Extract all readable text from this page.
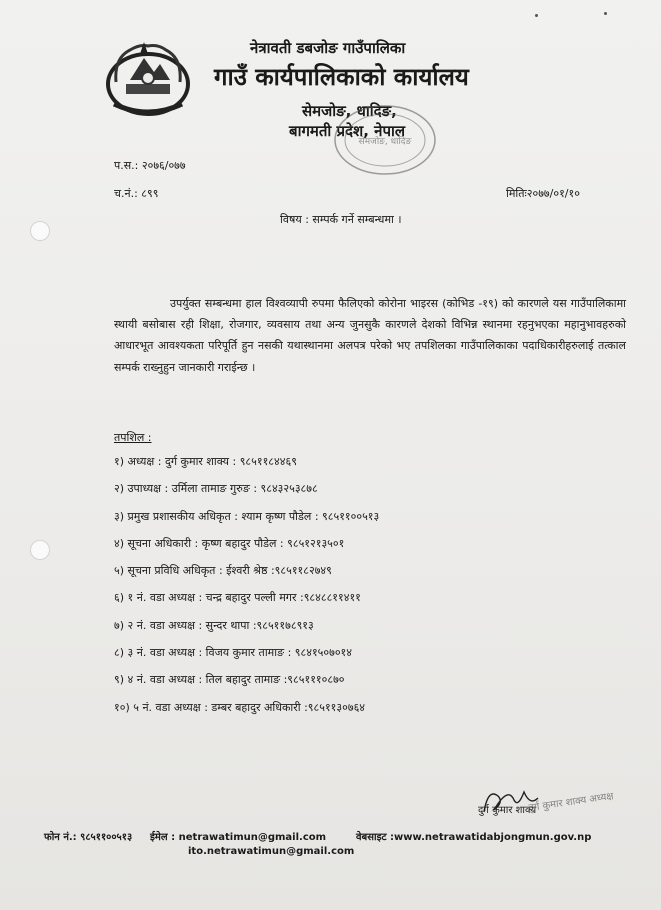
नेत्रावती डबजोङ गाउँपालिका
गाउँ कार्यपालिकाको कार्यालय
सेमजोङ, धादिङ,
बागमती प्रदेश, नेपाल
सेमजोङ, धादिङ
प.स.: २०७६/०७७
च.नं.: ८९९	मितिः२०७७/०१/१०
विषय : सम्पर्क गर्ने सम्बन्धमा ।
उपर्युक्त सम्बन्धमा हाल विश्वव्यापी रुपमा फैलिएको कोरोना भाइरस (कोभिड -१९) को कारणले यस गाउँपालिकामा स्थायी बसोबास रही शिक्षा, रोजगार, व्यवसाय तथा अन्य जुनसुकै कारणले देशको विभिन्न स्थानमा रहनुभएका महानुभावहरुको आधारभूत आवश्यकता परिपूर्ति हुन नसकी यथास्थानमा अलपत्र परेको भए तपशिलका गाउँपालिकाका पदाधिकारीहरुलाई तत्काल सम्पर्क राख्नुहुन जानकारी गराईन्छ ।
तपशिल :
१) अध्यक्ष : दुर्ग कुमार शाक्य : ९८५११८४४६९
२) उपाध्यक्ष : उर्मिला तामाङ गुरुङ : ९८४३२५३८७८
३) प्रमुख प्रशासकीय अधिकृत : श्याम कृष्ण पौडेल : ९८५११००५१३
४) सूचना अधिकारी : कृष्ण बहादुर पौडेल : ९८५१२१३५०१
५) सूचना प्रविधि अधिकृत : ईश्वरी श्रेष्ठ :९८५११८२७४९
६) १ नं. वडा अध्यक्ष : चन्द्र बहादुर पल्ली मगर :९८४८८११४११
७) २ नं. वडा अध्यक्ष : सुन्दर थापा :९८५११७८९१३
८) ३ नं. वडा अध्यक्ष : विजय कुमार तामाङ : ९८४१५०७०१४
९) ४ नं. वडा अध्यक्ष : तिल बहादुर तामाङ :९८५१११०८७०
१०) ५ नं. वडा अध्यक्ष : डम्बर बहादुर अधिकारी :९८५११३०७६४
दुर्ग कुमार शाक्य
दुर्ग कुमार शाक्य अध्यक्ष
फोन नं.: ९८५११००५१३ ईमेल : netrawatimun@gmail.com
ito.netrawatimun@gmail.com
वेबसाइट :www.netrawatidabjongmun.gov.np
